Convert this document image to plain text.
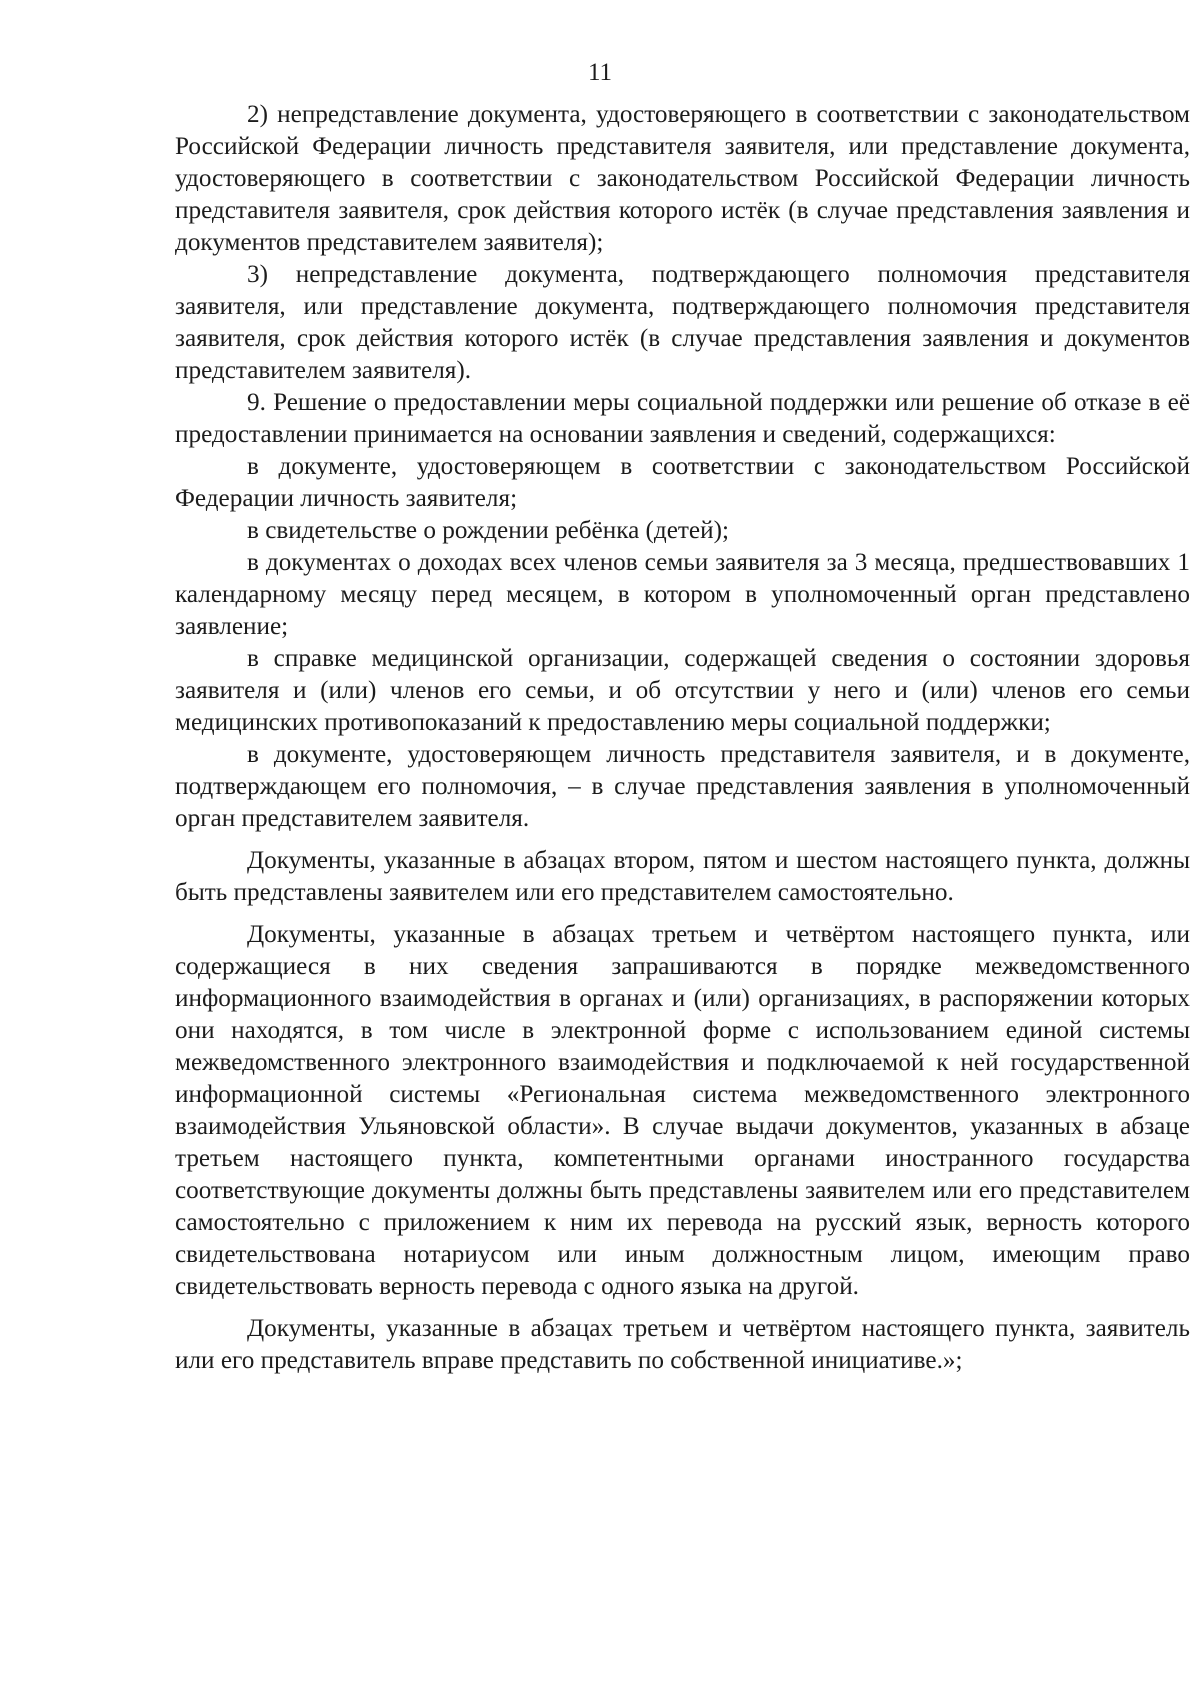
11

2) непредставление документа, удостоверяющего в соответствии с законодательством Российской Федерации личность представителя заявителя, или представление документа, удостоверяющего в соответствии с законодательством Российской Федерации личность представителя заявителя, срок действия которого истёк (в случае представления заявления и документов представителем заявителя);

3) непредставление документа, подтверждающего полномочия представителя заявителя, или представление документа, подтверждающего полномочия представителя заявителя, срок действия которого истёк (в случае представления заявления и документов представителем заявителя).

9. Решение о предоставлении меры социальной поддержки или решение об отказе в её предоставлении принимается на основании заявления и сведений, содержащихся:

в документе, удостоверяющем в соответствии с законодательством Российской Федерации личность заявителя;

в свидетельстве о рождении ребёнка (детей);

в документах о доходах всех членов семьи заявителя за 3 месяца, предшествовавших 1 календарному месяцу перед месяцем, в котором в уполномоченный орган представлено заявление;

в справке медицинской организации, содержащей сведения о состоянии здоровья заявителя и (или) членов его семьи, и об отсутствии у него и (или) членов его семьи медицинских противопоказаний к предоставлению меры социальной поддержки;

в документе, удостоверяющем личность представителя заявителя, и в документе, подтверждающем его полномочия, – в случае представления заявления в уполномоченный орган представителем заявителя.

Документы, указанные в абзацах втором, пятом и шестом настоящего пункта, должны быть представлены заявителем или его представителем самостоятельно.

Документы, указанные в абзацах третьем и четвёртом настоящего пункта, или содержащиеся в них сведения запрашиваются в порядке межведомственного информационного взаимодействия в органах и (или) организациях, в распоряжении которых они находятся, в том числе в электронной форме с использованием единой системы межведомственного электронного взаимодействия и подключаемой к ней государственной информационной системы «Региональная система межведомственного электронного взаимодействия Ульяновской области». В случае выдачи документов, указанных в абзаце третьем настоящего пункта, компетентными органами иностранного государства соответствующие документы должны быть представлены заявителем или его представителем самостоятельно с приложением к ним их перевода на русский язык, верность которого свидетельствована нотариусом или иным должностным лицом, имеющим право свидетельствовать верность перевода с одного языка на другой.

Документы, указанные в абзацах третьем и четвёртом настоящего пункта, заявитель или его представитель вправе представить по собственной инициативе.»;
